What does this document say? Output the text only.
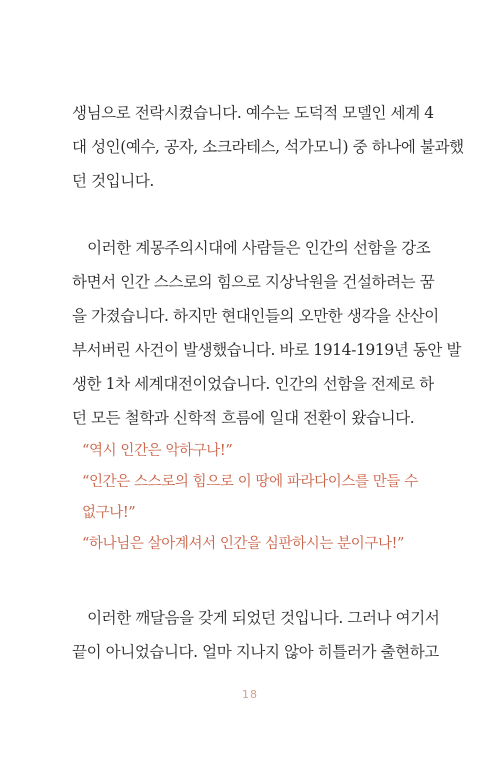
생님으로 전락시켰습니다. 예수는 도덕적 모델인 세계 4
대 성인(예수, 공자, 소크라테스, 석가모니) 중 하나에 불과했
던 것입니다.

　이러한 계몽주의시대에 사람들은 인간의 선함을 강조
하면서 인간 스스로의 힘으로 지상낙원을 건설하려는 꿈
을 가졌습니다. 하지만 현대인들의 오만한 생각을 산산이
부서버린 사건이 발생했습니다. 바로 1914-1919년 동안 발
생한 1차 세계대전이었습니다. 인간의 선함을 전제로 하
던 모든 철학과 신학적 흐름에 일대 전환이 왔습니다.

“역시 인간은 악하구나!”
“인간은 스스로의 힘으로 이 땅에 파라다이스를 만들 수
없구나!”
“하나님은 살아계셔서 인간을 심판하시는 분이구나!”

　이러한 깨달음을 갖게 되었던 것입니다. 그러나 여기서
끝이 아니었습니다. 얼마 지나지 않아 히틀러가 출현하고

18
